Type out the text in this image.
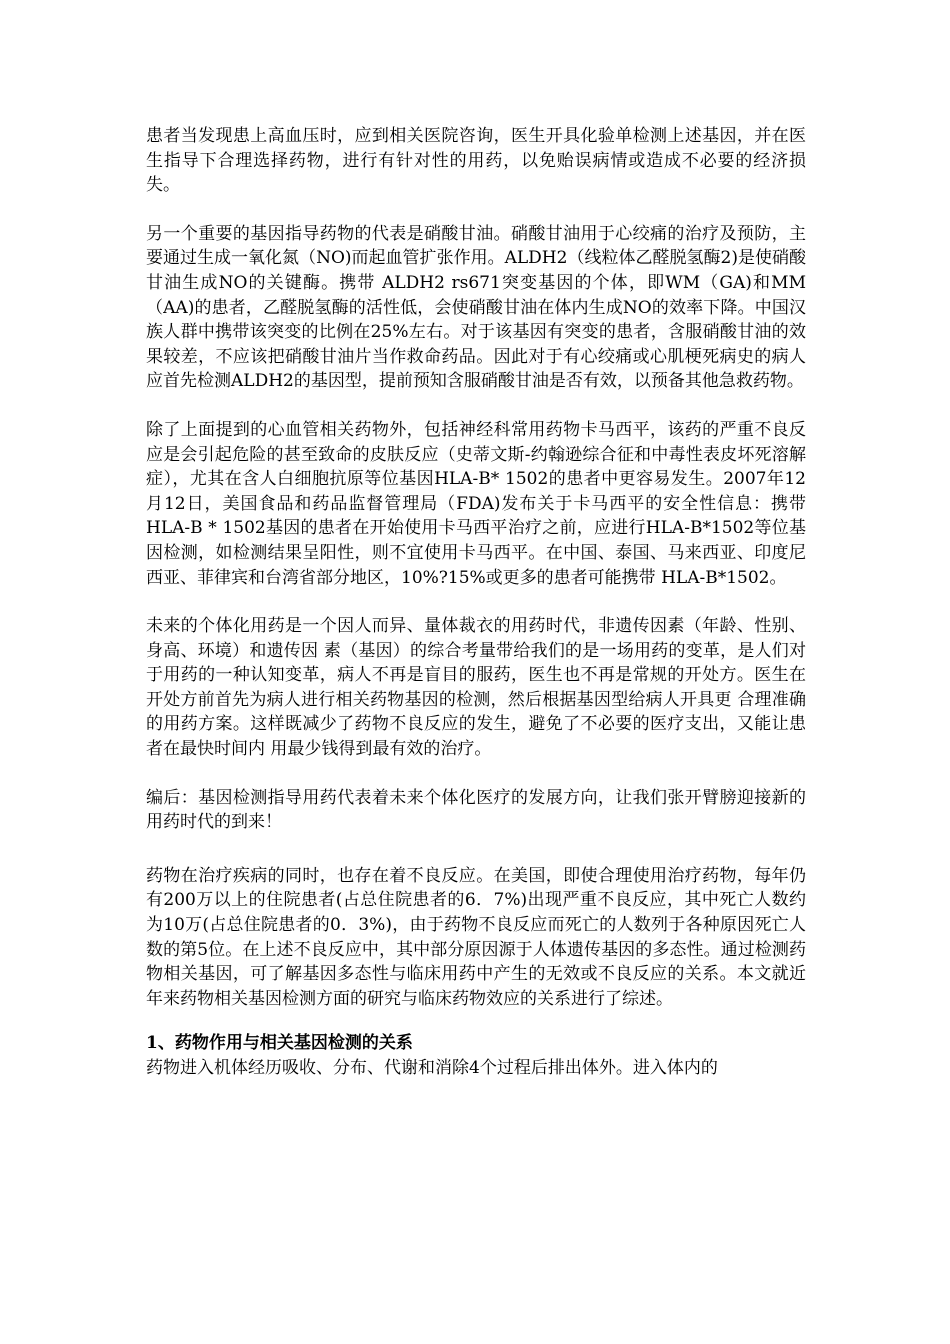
患者当发现患上高血压时，应到相关医院咨询，医生开具化验单检测上述基因，并在医生指导下合理选择药物，进行有针对性的用药，以免贻误病情或造成不必要的经济损失。

另一个重要的基因指导药物的代表是硝酸甘油。硝酸甘油用于心绞痛的治疗及预防，主要通过生成一氧化氮（NO)而起血管扩张作用。ALDH2（线粒体乙醛脱氢酶2)是使硝酸甘油生成NO的关键酶。携带 ALDH2 rs671突变基因的个体，即WM（GA)和MM（AA)的患者，乙醛脱氢酶的活性低，会使硝酸甘油在体内生成NO的效率下降。中国汉族人群中携带该突变的比例在25%左右。对于该基因有突变的患者，含服硝酸甘油的效果较差，不应该把硝酸甘油片当作救命药品。因此对于有心绞痛或心肌梗死病史的病人应首先检测ALDH2的基因型，提前预知含服硝酸甘油是否有效，以预备其他急救药物。

除了上面提到的心血管相关药物外，包括神经科常用药物卡马西平，该药的严重不良反应是会引起危险的甚至致命的皮肤反应（史蒂文斯-约翰逊综合征和中毒性表皮坏死溶解症），尤其在含人白细胞抗原等位基因HLA-B* 1502的患者中更容易发生。2007年12月12日，美国食品和药品监督管理局（FDA)发布关于卡马西平的安全性信息：携带 HLA-B * 1502基因的患者在开始使用卡马西平治疗之前，应进行HLA-B*1502等位基因检测，如检测结果呈阳性，则不宜使用卡马西平。在中国、泰国、马来西亚、印度尼西亚、菲律宾和台湾省部分地区，10%?15%或更多的患者可能携带 HLA-B*1502。

未来的个体化用药是一个因人而异、量体裁衣的用药时代，非遗传因素（年龄、性别、身高、环境）和遗传因 素（基因）的综合考量带给我们的是一场用药的变革，是人们对于用药的一种认知变革，病人不再是盲目的服药，医生也不再是常规的开处方。医生在开处方前首先为病人进行相关药物基因的检测，然后根据基因型给病人开具更 合理准确的用药方案。这样既减少了药物不良反应的发生，避免了不必要的医疗支出，又能让患者在最快时间内 用最少钱得到最有效的治疗。

编后：基因检测指导用药代表着未来个体化医疗的发展方向，让我们张开臂膀迎接新的用药时代的到来！

药物在治疗疾病的同时，也存在着不良反应。在美国，即使合理使用治疗药物，每年仍有200万以上的住院患者(占总住院患者的6．7%)出现严重不良反应，其中死亡人数约为10万(占总住院患者的0．3%)，由于药物不良反应而死亡的人数列于各种原因死亡人数的第5位。在上述不良反应中，其中部分原因源于人体遗传基因的多态性。通过检测药物相关基因，可了解基因多态性与临床用药中产生的无效或不良反应的关系。本文就近年来药物相关基因检测方面的研究与临床药物效应的关系进行了综述。

1、药物作用与相关基因检测的关系

药物进入机体经历吸收、分布、代谢和消除4个过程后排出体外。进入体内的
